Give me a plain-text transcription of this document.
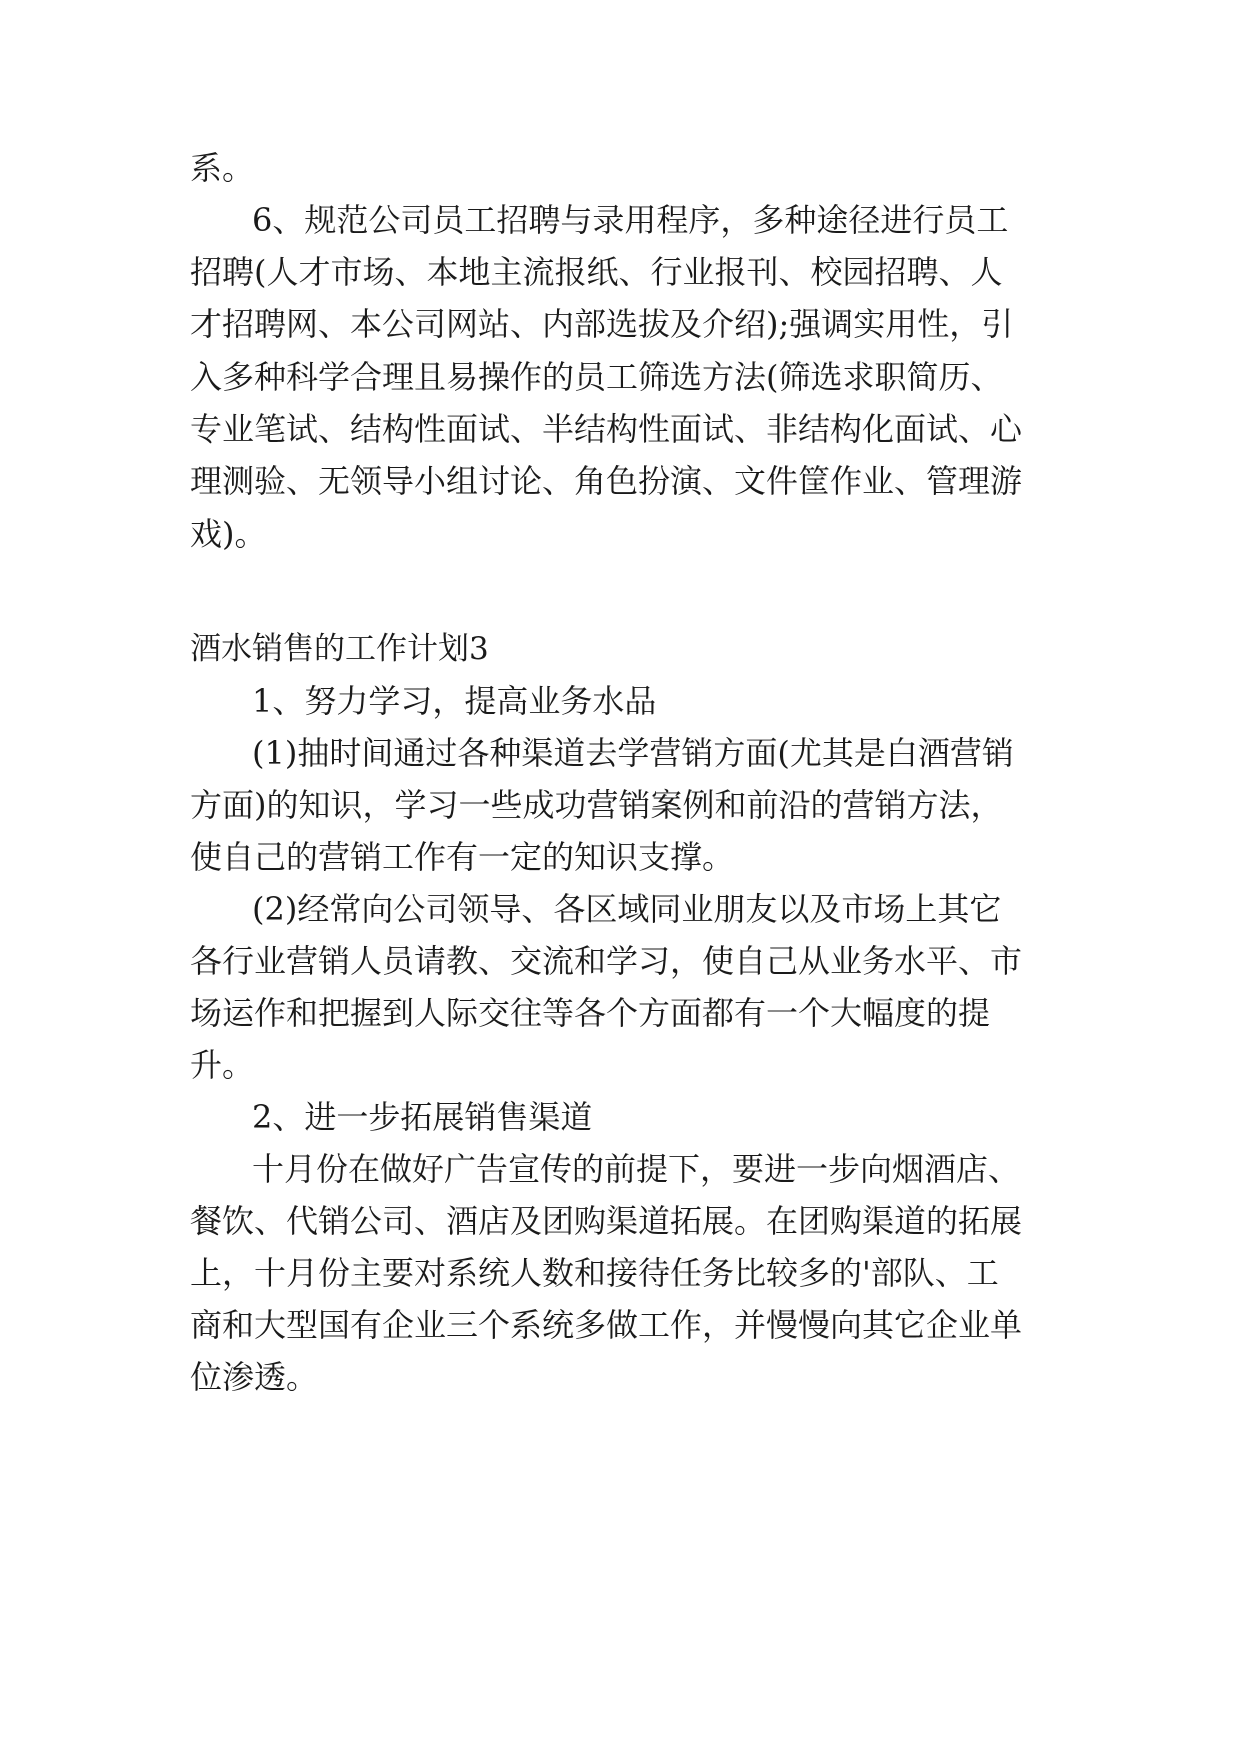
系。
6、规范公司员工招聘与录用程序，多种途径进行员工
招聘(人才市场、本地主流报纸、行业报刊、校园招聘、人
才招聘网、本公司网站、内部选拔及介绍);强调实用性，引
入多种科学合理且易操作的员工筛选方法(筛选求职简历、
专业笔试、结构性面试、半结构性面试、非结构化面试、心
理测验、无领导小组讨论、角色扮演、文件筐作业、管理游
戏)。
酒水销售的工作计划3
1、努力学习，提高业务水品
(1)抽时间通过各种渠道去学营销方面(尤其是白酒营销
方面)的知识，学习一些成功营销案例和前沿的营销方法，
使自己的营销工作有一定的知识支撑。
(2)经常向公司领导、各区域同业朋友以及市场上其它
各行业营销人员请教、交流和学习，使自己从业务水平、市
场运作和把握到人际交往等各个方面都有一个大幅度的提
升。
2、进一步拓展销售渠道
十月份在做好广告宣传的前提下，要进一步向烟酒店、
餐饮、代销公司、酒店及团购渠道拓展。在团购渠道的拓展
上，十月份主要对系统人数和接待任务比较多的'部队、工
商和大型国有企业三个系统多做工作，并慢慢向其它企业单
位渗透。
